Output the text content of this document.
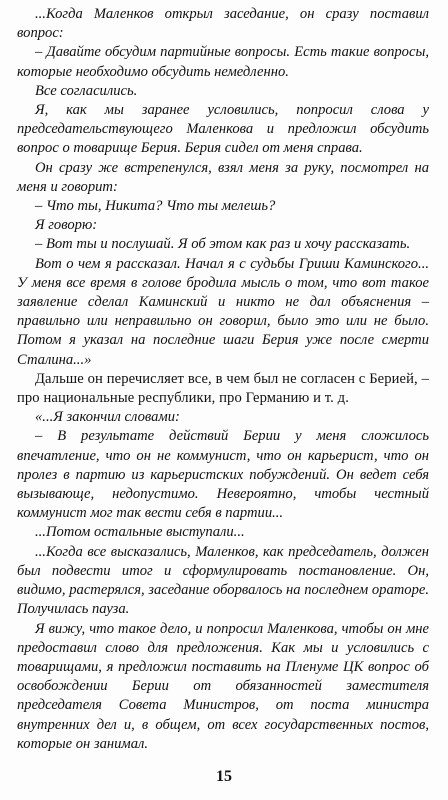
...Когда Маленков открыл заседание, он сразу поставил вопрос:

– Давайте обсудим партийные вопросы. Есть такие вопросы, которые необходимо обсудить немедленно.

Все согласились.

Я, как мы заранее условились, попросил слова у председательствующего Маленкова и предложил обсудить вопрос о товарище Берия. Берия сидел от меня справа.

Он сразу же встрепенулся, взял меня за руку, посмотрел на меня и говорит:

– Что ты, Никита? Что ты мелешь?

Я говорю:

– Вот ты и послушай. Я об этом как раз и хочу рассказать.

Вот о чем я рассказал. Начал я с судьбы Гриши Каминского... У меня все время в голове бродила мысль о том, что вот такое заявление сделал Каминский и никто не дал объяснения – правильно или неправильно он говорил, было это или не было. Потом я указал на последние шаги Берия уже после смерти Сталина...»

Дальше он перечисляет все, в чем был не согласен с Берией, – про национальные республики, про Германию и т. д.

«...Я закончил словами:

– В результате действий Берии у меня сложилось впечатление, что он не коммунист, что он карьерист, что он пролез в партию из карьеристских побуждений. Он ведет себя вызывающе, недопустимо. Невероятно, чтобы честный коммунист мог так вести себя в партии...

...Потом остальные выступали...

...Когда все высказались, Маленков, как председатель, должен был подвести итог и сформулировать постановление. Он, видимо, растерялся, заседание оборвалось на последнем ораторе. Получилась пауза.

Я вижу, что такое дело, и попросил Маленкова, чтобы он мне предоставил слово для предложения. Как мы и условились с товарищами, я предложил поставить на Пленуме ЦК вопрос об освобождении Берии от обязанностей заместителя председателя Совета Министров, от поста министра внутренних дел и, в общем, от всех государственных постов, которые он занимал.

15
